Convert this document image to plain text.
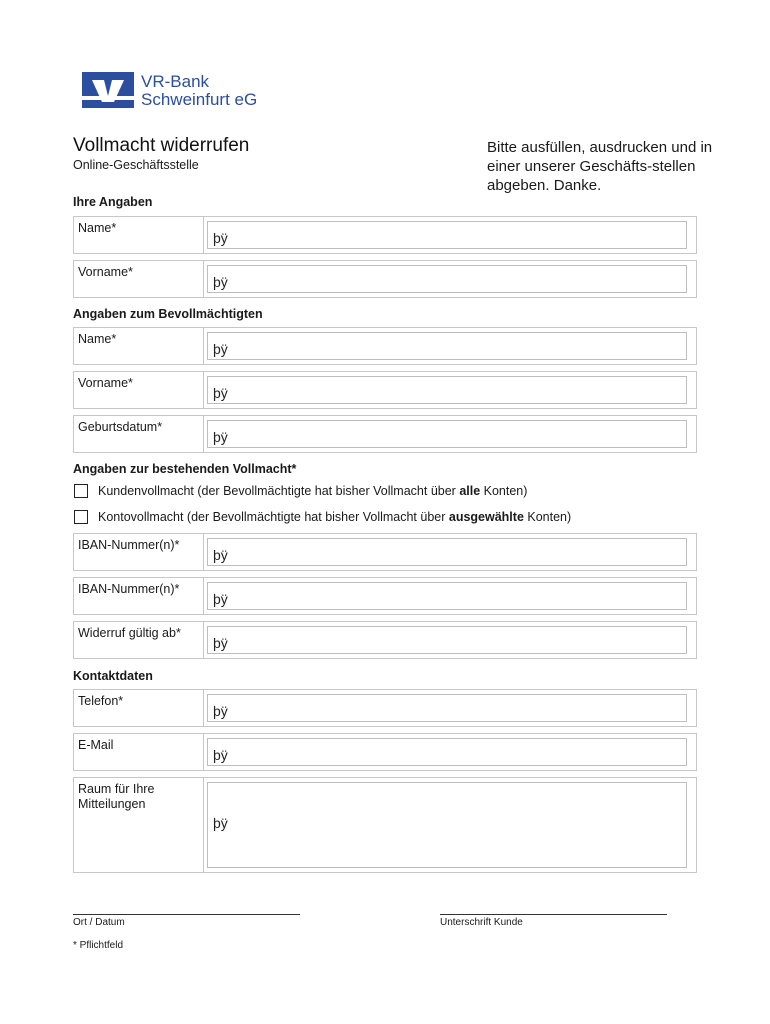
VR-Bank
Schweinfurt eG
Vollmacht widerrufen
Online-Geschäftsstelle
Bitte ausfüllen, ausdrucken und in einer unserer Geschäfts-stellen abgeben. Danke.
Ihre Angaben
Name*
þÿ
Vorname*
þÿ
Angaben zum Bevollmächtigten
Name*
þÿ
Vorname*
þÿ
Geburtsdatum*
þÿ
Angaben zur bestehenden Vollmacht*
Kundenvollmacht (der Bevollmächtigte hat bisher Vollmacht über alle Konten)
Kontovollmacht (der Bevollmächtigte hat bisher Vollmacht über ausgewählte Konten)
IBAN-Nummer(n)*
þÿ
IBAN-Nummer(n)*
þÿ
Widerruf gültig ab*
þÿ
Kontaktdaten
Telefon*
þÿ
E-Mail
þÿ
Raum für Ihre
Mitteilungen
þÿ
Ort / Datum	Unterschrift Kunde
* Pflichtfeld
